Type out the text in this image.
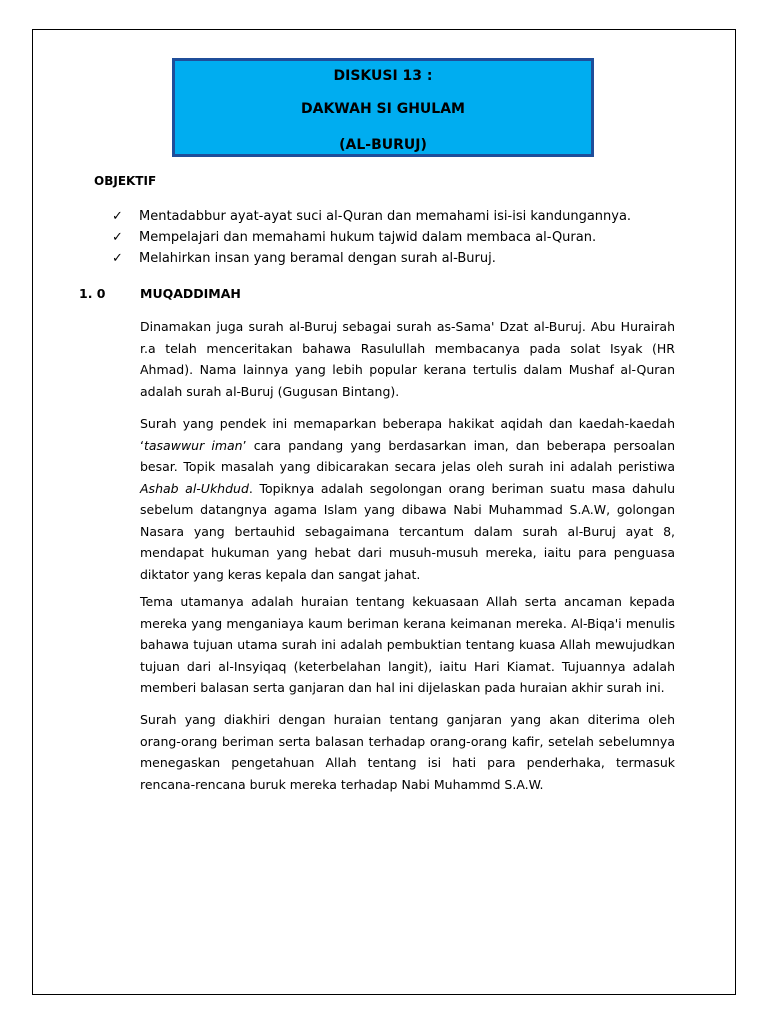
DISKUSI 13 :
DAKWAH SI GHULAM
(AL-BURUJ)
OBJEKTIF
✓ Mentadabbur ayat-ayat suci al-Quran dan memahami isi-isi kandungannya.
✓ Mempelajari dan memahami hukum tajwid dalam membaca al-Quran.
✓ Melahirkan insan yang beramal dengan surah al-Buruj.
1. 0	MUQADDIMAH

Dinamakan juga surah al-Buruj sebagai surah as-Sama' Dzat al-Buruj. Abu Hurairah r.a telah menceritakan bahawa Rasulullah membacanya pada solat Isyak (HR Ahmad). Nama lainnya yang lebih popular kerana tertulis dalam Mushaf al-Quran adalah surah al-Buruj (Gugusan Bintang).

Surah yang pendek ini memaparkan beberapa hakikat aqidah dan kaedah-kaedah ‘tasawwur iman’ cara pandang yang berdasarkan iman, dan beberapa persoalan besar. Topik masalah yang dibicarakan secara jelas oleh surah ini adalah peristiwa Ashab al-Ukhdud. Topiknya adalah segolongan orang beriman suatu masa dahulu sebelum datangnya agama Islam yang dibawa Nabi Muhammad S.A.W, golongan Nasara yang bertauhid sebagaimana tercantum dalam surah al-Buruj ayat 8, mendapat hukuman yang hebat dari musuh-musuh mereka, iaitu para penguasa diktator yang keras kepala dan sangat jahat.

Tema utamanya adalah huraian tentang kekuasaan Allah serta ancaman kepada mereka yang menganiaya kaum beriman kerana keimanan mereka. Al-Biqa'i menulis bahawa tujuan utama surah ini adalah pembuktian tentang kuasa Allah mewujudkan tujuan dari al-Insyiqaq (keterbelahan langit), iaitu Hari Kiamat. Tujuannya adalah memberi balasan serta ganjaran dan hal ini dijelaskan pada huraian akhir surah ini.

Surah yang diakhiri dengan huraian tentang ganjaran yang akan diterima oleh orang-orang beriman serta balasan terhadap orang-orang kafir, setelah sebelumnya menegaskan pengetahuan Allah tentang isi hati para penderhaka, termasuk rencana-rencana buruk mereka terhadap Nabi Muhammd S.A.W.
